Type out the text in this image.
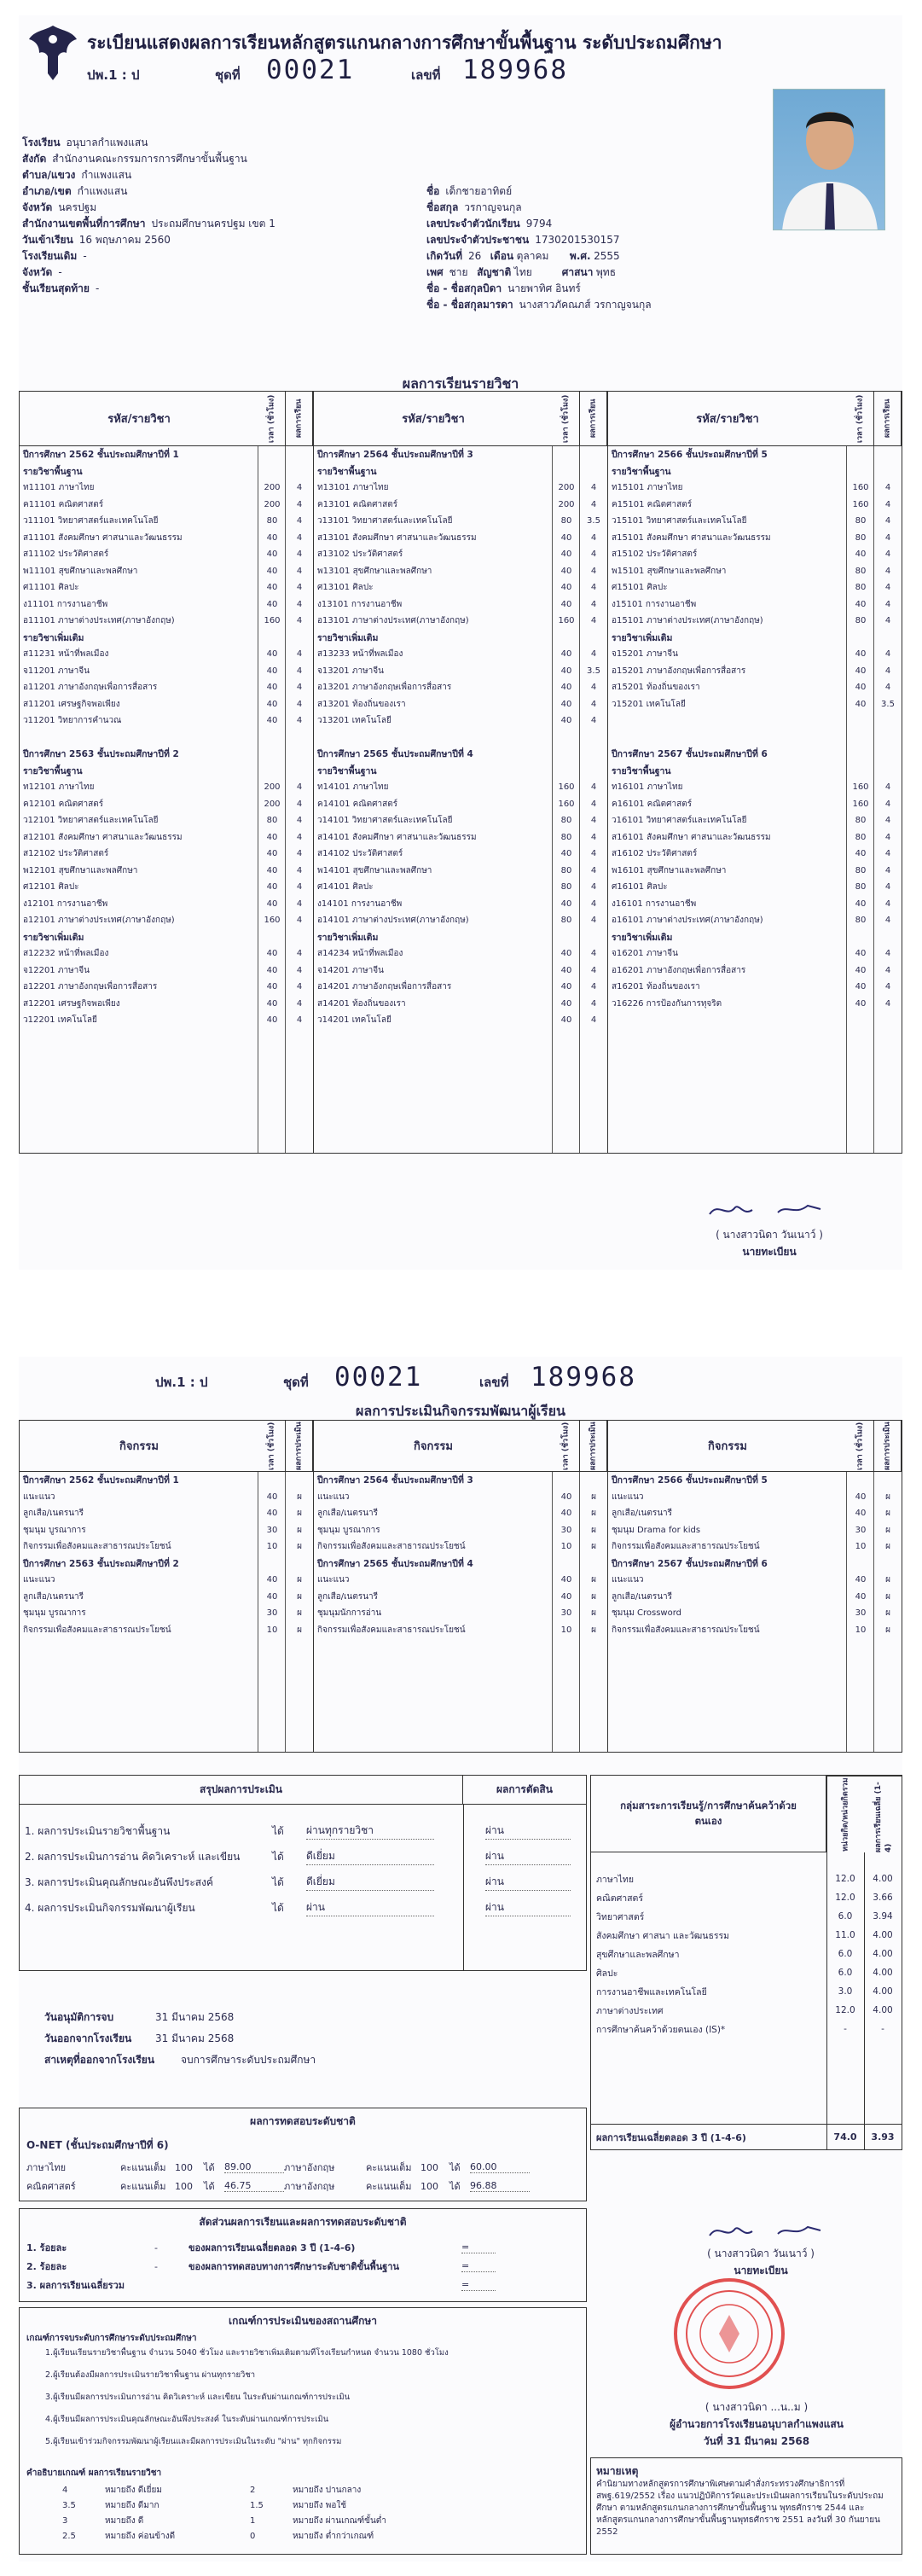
ระเบียนแสดงผลการเรียนหลักสูตรแกนกลางการศึกษาขั้นพื้นฐาน ระดับประถมศึกษา
ปพ.1 : ป	ชุดที่ 00021	เลขที่ 189968
โรงเรียน อนุบาลกำแพงแสน
สังกัด สำนักงานคณะกรรมการการศึกษาขั้นพื้นฐาน
ตำบล/แขวง กำแพงแสน
อำเภอ/เขต กำแพงแสน
จังหวัด นครปฐม
สำนักงานเขตพื้นที่การศึกษา ประถมศึกษานครปฐม เขต 1
วันเข้าเรียน 16 พฤษภาคม 2560
โรงเรียนเดิม -
จังหวัด -
ชั้นเรียนสุดท้าย -
ชื่อ เด็กชายอาทิตย์
ชื่อสกุล วรกาญจนกุล
เลขประจำตัวนักเรียน 9794
เลขประจำตัวประชาชน 1730201530157
เกิดวันที่ 26 เดือน ตุลาคม พ.ศ. 2555
เพศ ชาย สัญชาติ ไทย	ศาสนา พุทธ
ชื่อ - ชื่อสกุลบิดา นายพาทิศ อินทร์
ชื่อ - ชื่อสกุลมารดา นางสาวภัคณภส์ วรกาญจนกุล
ผลการเรียนรายวิชา
รหัส/รายวิชา	เวลา (ชั่วโมง)	ผลการเรียน	รหัส/รายวิชา	เวลา (ชั่วโมง)	ผลการเรียน	รหัส/รายวิชา	เวลา (ชั่วโมง)	ผลการเรียน
ปีการศึกษา 2562 ชั้นประถมศึกษาปีที่ 1
รายวิชาพื้นฐาน
ท11101 ภาษาไทย	200	4
ค11101 คณิตศาสตร์	200	4
ว11101 วิทยาศาสตร์และเทคโนโลยี	80	4
ส11101 สังคมศึกษา ศาสนาและวัฒนธรรม	40	4
ส11102 ประวัติศาสตร์	40	4
พ11101 สุขศึกษาและพลศึกษา	40	4
ศ11101 ศิลปะ	40	4
ง11101 การงานอาชีพ	40	4
อ11101 ภาษาต่างประเทศ(ภาษาอังกฤษ)	160	4
รายวิชาเพิ่มเติม
ส11231 หน้าที่พลเมือง	40	4
จ11201 ภาษาจีน	40	4
อ11201 ภาษาอังกฤษเพื่อการสื่อสาร	40	4
ส11201 เศรษฐกิจพอเพียง	40	4
ว11201 วิทยาการคำนวณ	40	4
ปีการศึกษา 2563 ชั้นประถมศึกษาปีที่ 2
รายวิชาพื้นฐาน
ท12101 ภาษาไทย	200	4
ค12101 คณิตศาสตร์	200	4
ว12101 วิทยาศาสตร์และเทคโนโลยี	80	4
ส12101 สังคมศึกษา ศาสนาและวัฒนธรรม	40	4
ส12102 ประวัติศาสตร์	40	4
พ12101 สุขศึกษาและพลศึกษา	40	4
ศ12101 ศิลปะ	40	4
ง12101 การงานอาชีพ	40	4
อ12101 ภาษาต่างประเทศ(ภาษาอังกฤษ)	160	4
รายวิชาเพิ่มเติม
ส12232 หน้าที่พลเมือง	40	4
จ12201 ภาษาจีน	40	4
อ12201 ภาษาอังกฤษเพื่อการสื่อสาร	40	4
ส12201 เศรษฐกิจพอเพียง	40	4
ว12201 เทคโนโลยี	40	4
ปีการศึกษา 2564 ชั้นประถมศึกษาปีที่ 3
รายวิชาพื้นฐาน
ท13101 ภาษาไทย	200	4
ค13101 คณิตศาสตร์	200	4
ว13101 วิทยาศาสตร์และเทคโนโลยี	80	3.5
ส13101 สังคมศึกษา ศาสนาและวัฒนธรรม	40	4
ส13102 ประวัติศาสตร์	40	4
พ13101 สุขศึกษาและพลศึกษา	40	4
ศ13101 ศิลปะ	40	4
ง13101 การงานอาชีพ	40	4
อ13101 ภาษาต่างประเทศ(ภาษาอังกฤษ)	160	4
รายวิชาเพิ่มเติม
ส13233 หน้าที่พลเมือง	40	4
จ13201 ภาษาจีน	40	3.5
อ13201 ภาษาอังกฤษเพื่อการสื่อสาร	40	4
ส13201 ท้องถิ่นของเรา	40	4
ว13201 เทคโนโลยี	40	4
ปีการศึกษา 2565 ชั้นประถมศึกษาปีที่ 4
รายวิชาพื้นฐาน
ท14101 ภาษาไทย	160	4
ค14101 คณิตศาสตร์	160	4
ว14101 วิทยาศาสตร์และเทคโนโลยี	80	4
ส14101 สังคมศึกษา ศาสนาและวัฒนธรรม	80	4
ส14102 ประวัติศาสตร์	40	4
พ14101 สุขศึกษาและพลศึกษา	80	4
ศ14101 ศิลปะ	80	4
ง14101 การงานอาชีพ	40	4
อ14101 ภาษาต่างประเทศ(ภาษาอังกฤษ)	80	4
รายวิชาเพิ่มเติม
ส14234 หน้าที่พลเมือง	40	4
จ14201 ภาษาจีน	40	4
อ14201 ภาษาอังกฤษเพื่อการสื่อสาร	40	4
ส14201 ท้องถิ่นของเรา	40	4
ว14201 เทคโนโลยี	40	4
ปีการศึกษา 2566 ชั้นประถมศึกษาปีที่ 5
รายวิชาพื้นฐาน
ท15101 ภาษาไทย	160	4
ค15101 คณิตศาสตร์	160	4
ว15101 วิทยาศาสตร์และเทคโนโลยี	80	4
ส15101 สังคมศึกษา ศาสนาและวัฒนธรรม	80	4
ส15102 ประวัติศาสตร์	40	4
พ15101 สุขศึกษาและพลศึกษา	80	4
ศ15101 ศิลปะ	80	4
ง15101 การงานอาชีพ	40	4
อ15101 ภาษาต่างประเทศ(ภาษาอังกฤษ)	80	4
รายวิชาเพิ่มเติม
จ15201 ภาษาจีน	40	4
อ15201 ภาษาอังกฤษเพื่อการสื่อสาร	40	4
ส15201 ท้องถิ่นของเรา	40	4
ว15201 เทคโนโลยี	40	3.5
ปีการศึกษา 2567 ชั้นประถมศึกษาปีที่ 6
รายวิชาพื้นฐาน
ท16101 ภาษาไทย	160	4
ค16101 คณิตศาสตร์	160	4
ว16101 วิทยาศาสตร์และเทคโนโลยี	80	4
ส16101 สังคมศึกษา ศาสนาและวัฒนธรรม	80	4
ส16102 ประวัติศาสตร์	40	4
พ16101 สุขศึกษาและพลศึกษา	80	4
ศ16101 ศิลปะ	80	4
ง16101 การงานอาชีพ	40	4
อ16101 ภาษาต่างประเทศ(ภาษาอังกฤษ)	80	4
รายวิชาเพิ่มเติม
จ16201 ภาษาจีน	40	4
อ16201 ภาษาอังกฤษเพื่อการสื่อสาร	40	4
ส16201 ท้องถิ่นของเรา	40	4
ว16226 การป้องกันการทุจริต	40	4
( นางสาวนิดา วันเนาว์ )
นายทะเบียน
ปพ.1 : ป	ชุดที่ 00021	เลขที่ 189968
ผลการประเมินกิจกรรมพัฒนาผู้เรียน
กิจกรรม	เวลา (ชั่วโมง)	ผลการประเมิน	กิจกรรม	เวลา (ชั่วโมง)	ผลการประเมิน	กิจกรรม	เวลา (ชั่วโมง)	ผลการประเมิน
ปีการศึกษา 2562 ชั้นประถมศึกษาปีที่ 1
แนะแนว	40	ผ
ลูกเสือ/เนตรนารี	40	ผ
ชุมนุม บูรณาการ	30	ผ
กิจกรรมเพื่อสังคมและสาธารณประโยชน์	10	ผ
ปีการศึกษา 2563 ชั้นประถมศึกษาปีที่ 2
แนะแนว	40	ผ
ลูกเสือ/เนตรนารี	40	ผ
ชุมนุม บูรณาการ	30	ผ
กิจกรรมเพื่อสังคมและสาธารณประโยชน์	10	ผ
ปีการศึกษา 2564 ชั้นประถมศึกษาปีที่ 3
แนะแนว	40	ผ
ลูกเสือ/เนตรนารี	40	ผ
ชุมนุม บูรณาการ	30	ผ
กิจกรรมเพื่อสังคมและสาธารณประโยชน์	10	ผ
ปีการศึกษา 2565 ชั้นประถมศึกษาปีที่ 4
แนะแนว	40	ผ
ลูกเสือ/เนตรนารี	40	ผ
ชุมนุมนักการอ่าน	30	ผ
กิจกรรมเพื่อสังคมและสาธารณประโยชน์	10	ผ
ปีการศึกษา 2566 ชั้นประถมศึกษาปีที่ 5
แนะแนว	40	ผ
ลูกเสือ/เนตรนารี	40	ผ
ชุมนุม Drama for kids	30	ผ
กิจกรรมเพื่อสังคมและสาธารณประโยชน์	10	ผ
ปีการศึกษา 2567 ชั้นประถมศึกษาปีที่ 6
แนะแนว	40	ผ
ลูกเสือ/เนตรนารี	40	ผ
ชุมนุม Crossword	30	ผ
กิจกรรมเพื่อสังคมและสาธารณประโยชน์	10	ผ
สรุปผลการประเมิน	ผลการตัดสิน
1. ผลการประเมินรายวิชาพื้นฐาน	ได้	ผ่านทุกรายวิชา	ผ่าน
2. ผลการประเมินการอ่าน คิดวิเคราะห์ และเขียน	ได้	ดีเยี่ยม	ผ่าน
3. ผลการประเมินคุณลักษณะอันพึงประสงค์	ได้	ดีเยี่ยม	ผ่าน
4. ผลการประเมินกิจกรรมพัฒนาผู้เรียน	ได้	ผ่าน	ผ่าน
วันอนุมัติการจบ	31 มีนาคม 2568
วันออกจากโรงเรียน 31 มีนาคม 2568
สาเหตุที่ออกจากโรงเรียน	จบการศึกษาระดับประถมศึกษา
กลุ่มสาระการเรียนรู้/การศึกษาค้นคว้าด้วยตนเอง	หน่วยกิต/หน่วยกิตรวม	ผลการเรียนเฉลี่ย (1-4)
ภาษาไทย	12.0	4.00
คณิตศาสตร์	12.0	3.66
วิทยาศาสตร์	6.0	3.94
สังคมศึกษา ศาสนา และวัฒนธรรม	11.0	4.00
สุขศึกษาและพลศึกษา	6.0	4.00
ศิลปะ	6.0	4.00
การงานอาชีพและเทคโนโลยี	3.0	4.00
ภาษาต่างประเทศ	12.0	4.00
การศึกษาค้นคว้าด้วยตนเอง (IS)*	-	-
ผลการเรียนเฉลี่ยตลอด 3 ปี (1-4-6)	74.0	3.93
ผลการทดสอบระดับชาติ
O-NET (ชั้นประถมศึกษาปีที่ 6)
ภาษาไทย	คะแนนเต็ม 100	ได้	89.00	ภาษาอังกฤษ	คะแนนเต็ม 100	ได้	60.00
คณิตศาสตร์	คะแนนเต็ม 100	ได้	46.75	ภาษาอังกฤษ	คะแนนเต็ม 100	ได้	96.88
สัดส่วนผลการเรียนและผลการทดสอบระดับชาติ
1. ร้อยละ	-	ของผลการเรียนเฉลี่ยตลอด 3 ปี (1-4-6)	=
2. ร้อยละ	-	ของผลการทดสอบทางการศึกษาระดับชาติขั้นพื้นฐาน	=
3. ผลการเรียนเฉลี่ยรวม	=
เกณฑ์การประเมินของสถานศึกษา
เกณฑ์การจบระดับการศึกษาระดับประถมศึกษา
1.ผู้เรียนเรียนรายวิชาพื้นฐาน จำนวน 5040 ชั่วโมง และรายวิชาเพิ่มเติมตามที่โรงเรียนกำหนด จำนวน 1080 ชั่วโมง
2.ผู้เรียนต้องมีผลการประเมินรายวิชาพื้นฐาน ผ่านทุกรายวิชา
3.ผู้เรียนมีผลการประเมินการอ่าน คิดวิเคราะห์ และเขียน ในระดับผ่านเกณฑ์การประเมิน
4.ผู้เรียนมีผลการประเมินคุณลักษณะอันพึงประสงค์ ในระดับผ่านเกณฑ์การประเมิน
5.ผู้เรียนเข้าร่วมกิจกรรมพัฒนาผู้เรียนและมีผลการประเมินในระดับ "ผ่าน" ทุกกิจกรรม
คำอธิบายเกณฑ์ ผลการเรียนรายวิชา
4	หมายถึง ดีเยี่ยม	2	หมายถึง ปานกลาง
3.5	หมายถึง ดีมาก	1.5	หมายถึง พอใช้
3	หมายถึง ดี	1	หมายถึง ผ่านเกณฑ์ขั้นต่ำ
2.5	หมายถึง ค่อนข้างดี	0	หมายถึง ต่ำกว่าเกณฑ์
( นางสาวนิดา วันเนาว์ )
นายทะเบียน
( นางสาวนิดา ...น..ม )
ผู้อำนวยการโรงเรียนอนุบาลกำแพงแสน
วันที่ 31 มีนาคม 2568
หมายเหตุ
คำนิยามทางหลักสูตรการศึกษาพิเศษตามคำสั่งกระทรวงศึกษาธิการที่ สพฐ.619/2552 เรื่อง แนวปฏิบัติการวัดและประเมินผลการเรียนในระดับประถมศึกษา ตามหลักสูตรแกนกลางการศึกษาขั้นพื้นฐาน พุทธศักราช 2544 และหลักสูตรแกนกลางการศึกษาขั้นพื้นฐานพุทธศักราช 2551 ลงวันที่ 30 กันยายน 2552
